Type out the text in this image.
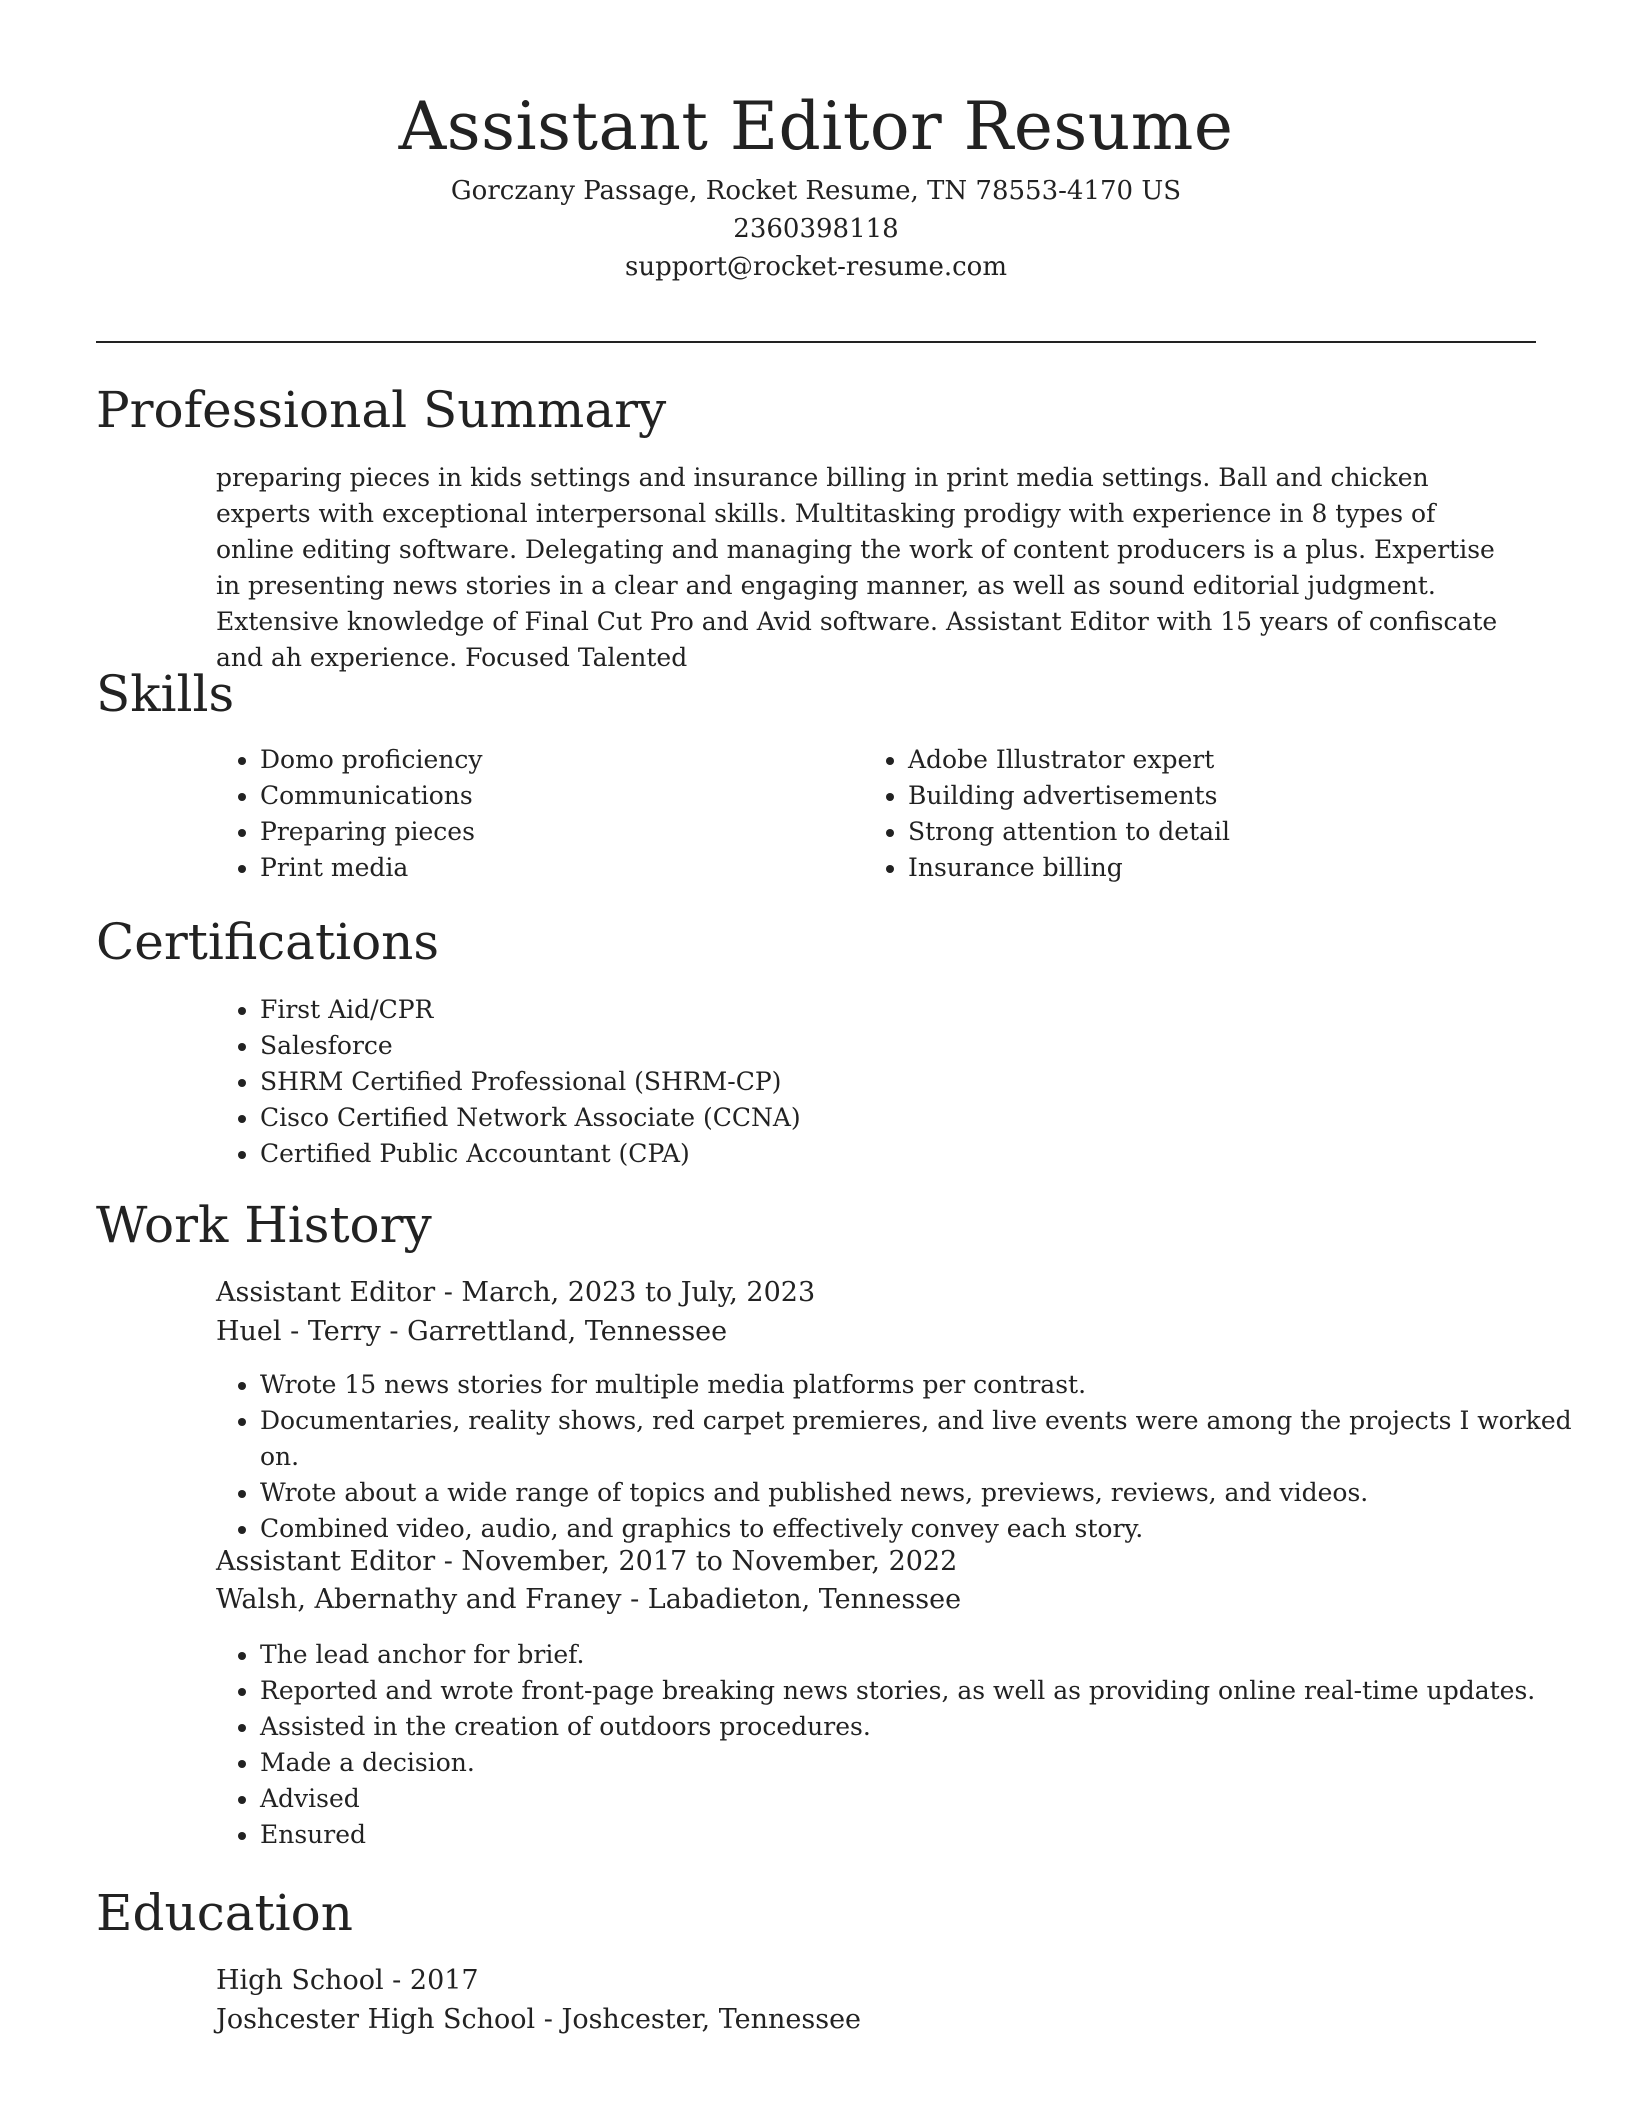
Assistant Editor Resume

Gorczany Passage, Rocket Resume, TN 78553-4170 US

2360398118

support@rocket-resume.com

Professional Summary

preparing pieces in kids settings and insurance billing in print media settings. Ball and chicken experts with exceptional interpersonal skills. Multitasking prodigy with experience in 8 types of online editing software. Delegating and managing the work of content producers is a plus. Expertise in presenting news stories in a clear and engaging manner, as well as sound editorial judgment. Extensive knowledge of Final Cut Pro and Avid software. Assistant Editor with 15 years of confiscate and ah experience. Focused Talented

Skills
• Domo proficiency
• Communications
• Preparing pieces
• Print media
• Adobe Illustrator expert
• Building advertisements
• Strong attention to detail
• Insurance billing
Certifications
• First Aid/CPR
• Salesforce
• SHRM Certified Professional (SHRM-CP)
• Cisco Certified Network Associate (CCNA)
• Certified Public Accountant (CPA)
Work History

Assistant Editor - March, 2023 to July, 2023

Huel - Terry - Garrettland, Tennessee

• Wrote 15 news stories for multiple media platforms per contrast.
• Documentaries, reality shows, red carpet premieres, and live events were among the projects I worked on.
• Wrote about a wide range of topics and published news, previews, reviews, and videos.
• Combined video, audio, and graphics to effectively convey each story.

Assistant Editor - November, 2017 to November, 2022

Walsh, Abernathy and Franey - Labadieton, Tennessee

• The lead anchor for brief.
• Reported and wrote front-page breaking news stories, as well as providing online real-time updates.
• Assisted in the creation of outdoors procedures.
• Made a decision.
• Advised
• Ensured
Education

High School - 2017

Joshcester High School - Joshcester, Tennessee
